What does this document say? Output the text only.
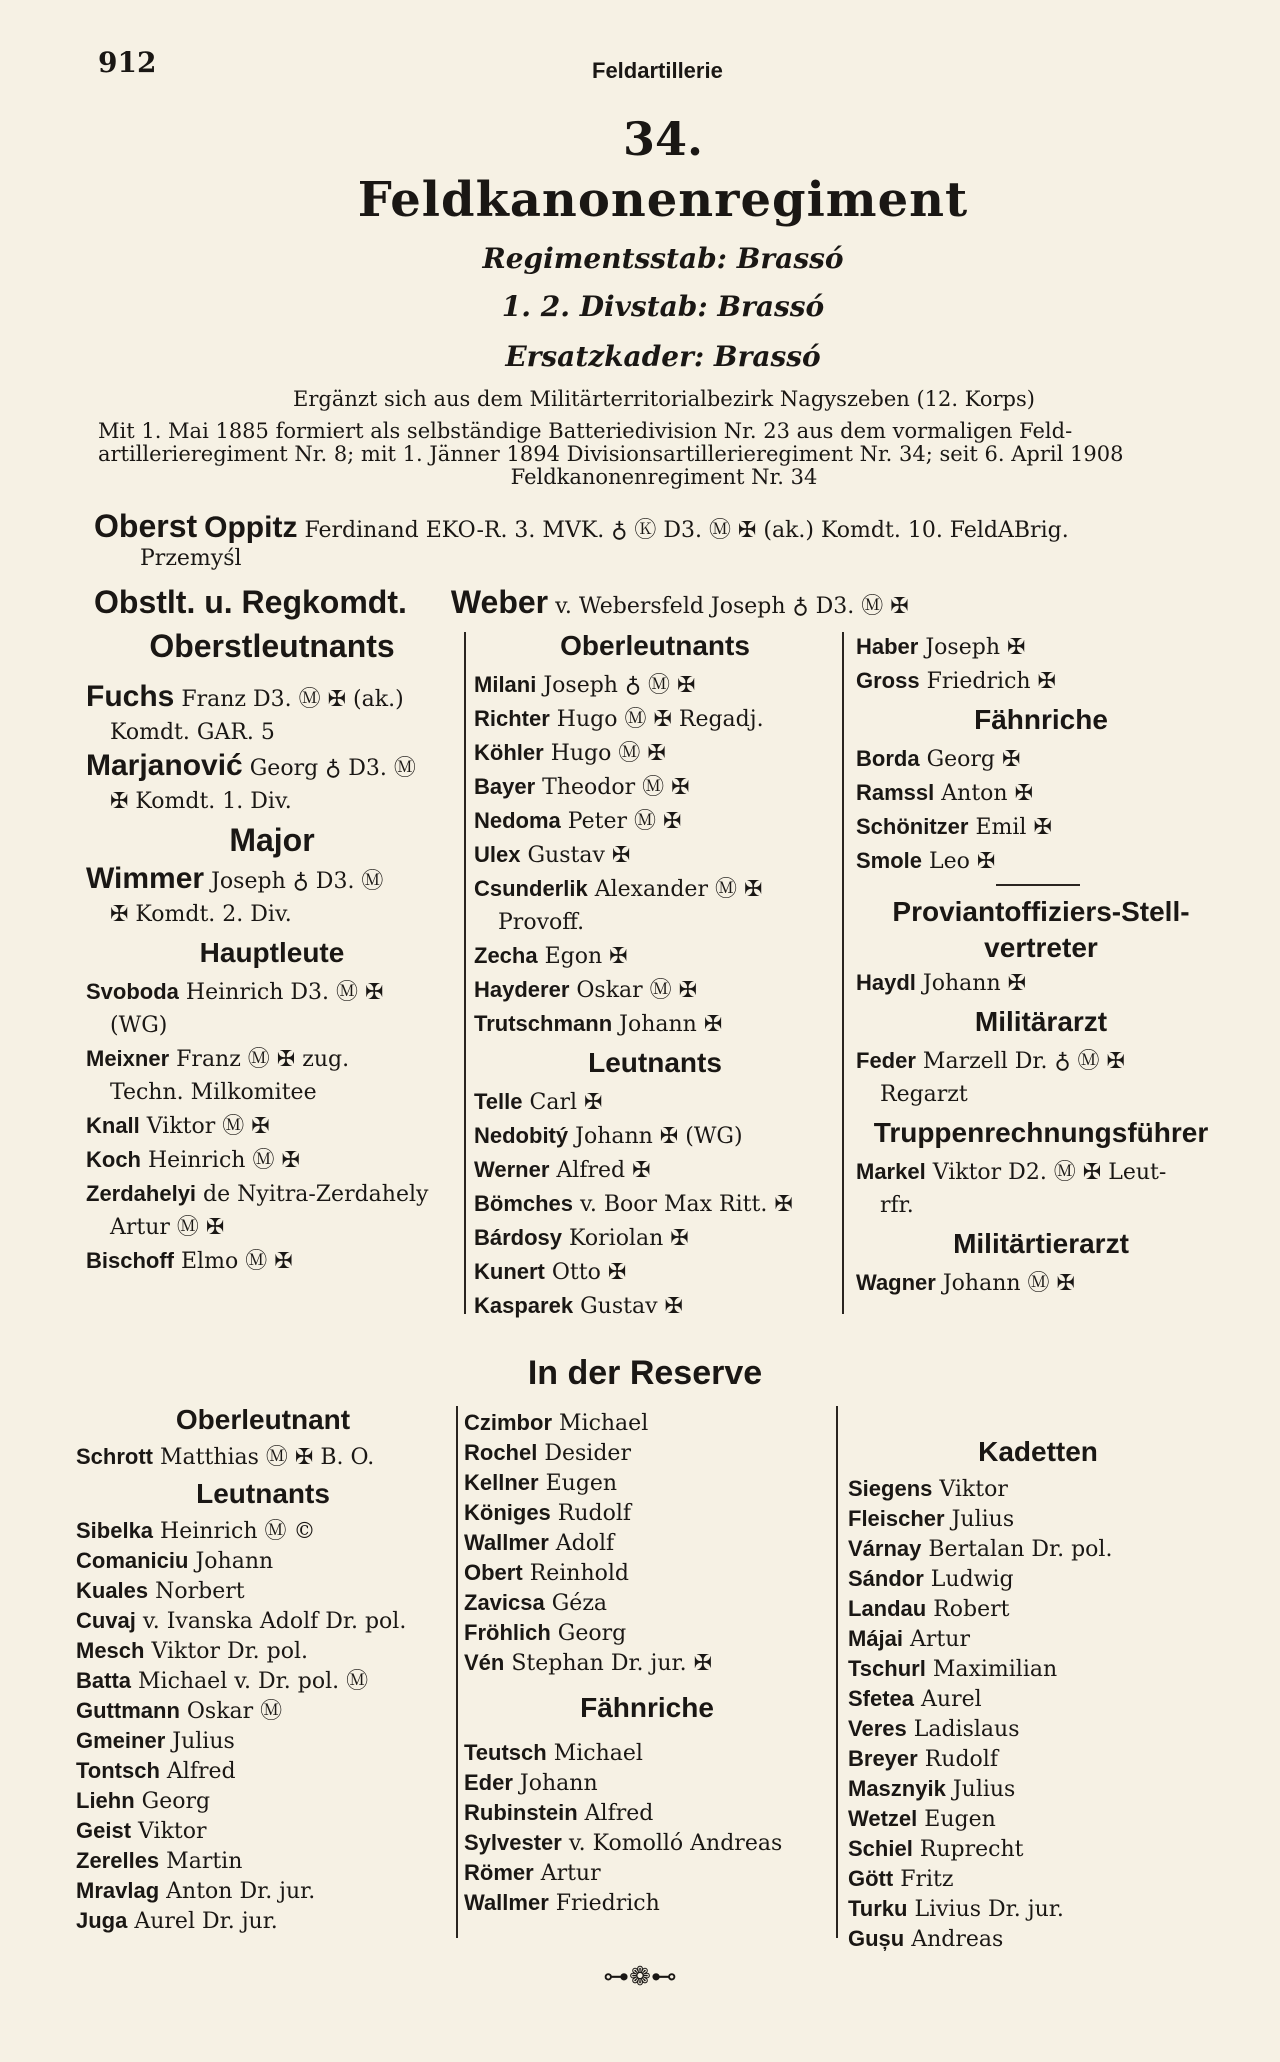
912	Feldartillerie
34.
Feldkanonenregiment
Regimentsstab: Brassó
1. 2. Divstab: Brassó
Ersatzkader: Brassó
Ergänzt sich aus dem Militärterritorialbezirk Nagyszeben (12. Korps)
Mit 1. Mai 1885 formiert als selbständige Batteriedivision Nr. 23 aus dem vormaligen Feld-
artillerieregiment Nr. 8; mit 1. Jänner 1894 Divisionsartillerieregiment Nr. 34; seit 6. April 1908
Feldkanonenregiment Nr. 34
Oberst Oppitz Ferdinand EKO-R. 3. MVK. ♁ Ⓚ D3. Ⓜ ✠ (ak.) Komdt. 10. FeldABrig.
Przemyśl
Obstlt. u. Regkomdt. Weber v. Webersfeld Joseph ♁ D3. Ⓜ ✠
Oberstleutnants
Fuchs Franz D3. Ⓜ ✠ (ak.)
Komdt. GAR. 5
Marjanović Georg ♁ D3. Ⓜ
✠ Komdt. 1. Div.
Major
Wimmer Joseph ♁ D3. Ⓜ
✠ Komdt. 2. Div.
Hauptleute
Svoboda Heinrich D3. Ⓜ ✠
(WG)
Meixner Franz Ⓜ ✠ zug.
Techn. Milkomitee
Knall Viktor Ⓜ ✠
Koch Heinrich Ⓜ ✠
Zerdahelyi de Nyitra-Zerdahely
Artur Ⓜ ✠
Bischoff Elmo Ⓜ ✠
Oberleutnants
Milani Joseph ♁ Ⓜ ✠
Richter Hugo Ⓜ ✠ Regadj.
Köhler Hugo Ⓜ ✠
Bayer Theodor Ⓜ ✠
Nedoma Peter Ⓜ ✠
Ulex Gustav ✠
Csunderlik Alexander Ⓜ ✠
Provoff.
Zecha Egon ✠
Hayderer Oskar Ⓜ ✠
Trutschmann Johann ✠
Leutnants
Telle Carl ✠
Nedobitý Johann ✠ (WG)
Werner Alfred ✠
Bömches v. Boor Max Ritt. ✠
Bárdosy Koriolan ✠
Kunert Otto ✠
Kasparek Gustav ✠
Haber Joseph ✠
Gross Friedrich ✠
Fähnriche
Borda Georg ✠
Ramssl Anton ✠
Schönitzer Emil ✠
Smole Leo ✠
Proviantoffiziers-Stell-
vertreter
Haydl Johann ✠
Militärarzt
Feder Marzell Dr. ♁ Ⓜ ✠
Regarzt
Truppenrechnungsführer
Markel Viktor D2. Ⓜ ✠ Leut-
rfr.
Militärtierarzt
Wagner Johann Ⓜ ✠
In der Reserve
Oberleutnant
Schrott Matthias Ⓜ ✠ B. O.
Leutnants
Sibelka Heinrich Ⓜ ©
Comaniciu Johann
Kuales Norbert
Cuvaj v. Ivanska Adolf Dr. pol.
Mesch Viktor Dr. pol.
Batta Michael v. Dr. pol. Ⓜ
Guttmann Oskar Ⓜ
Gmeiner Julius
Tontsch Alfred
Liehn Georg
Geist Viktor
Zerelles Martin
Mravlag Anton Dr. jur.
Juga Aurel Dr. jur.
Czimbor Michael
Rochel Desider
Kellner Eugen
Königes Rudolf
Wallmer Adolf
Obert Reinhold
Zavicsa Géza
Fröhlich Georg
Vén Stephan Dr. jur. ✠
Fähnriche
Teutsch Michael
Eder Johann
Rubinstein Alfred
Sylvester v. Komolló Andreas
Römer Artur
Wallmer Friedrich
Kadetten
Siegens Viktor
Fleischer Julius
Várnay Bertalan Dr. pol.
Sándor Ludwig
Landau Robert
Májai Artur
Tschurl Maximilian
Sfetea Aurel
Veres Ladislaus
Breyer Rudolf
Masznyik Julius
Wetzel Eugen
Schiel Ruprecht
Gött Fritz
Turku Livius Dr. jur.
Gușu Andreas
⊶❁⊷
